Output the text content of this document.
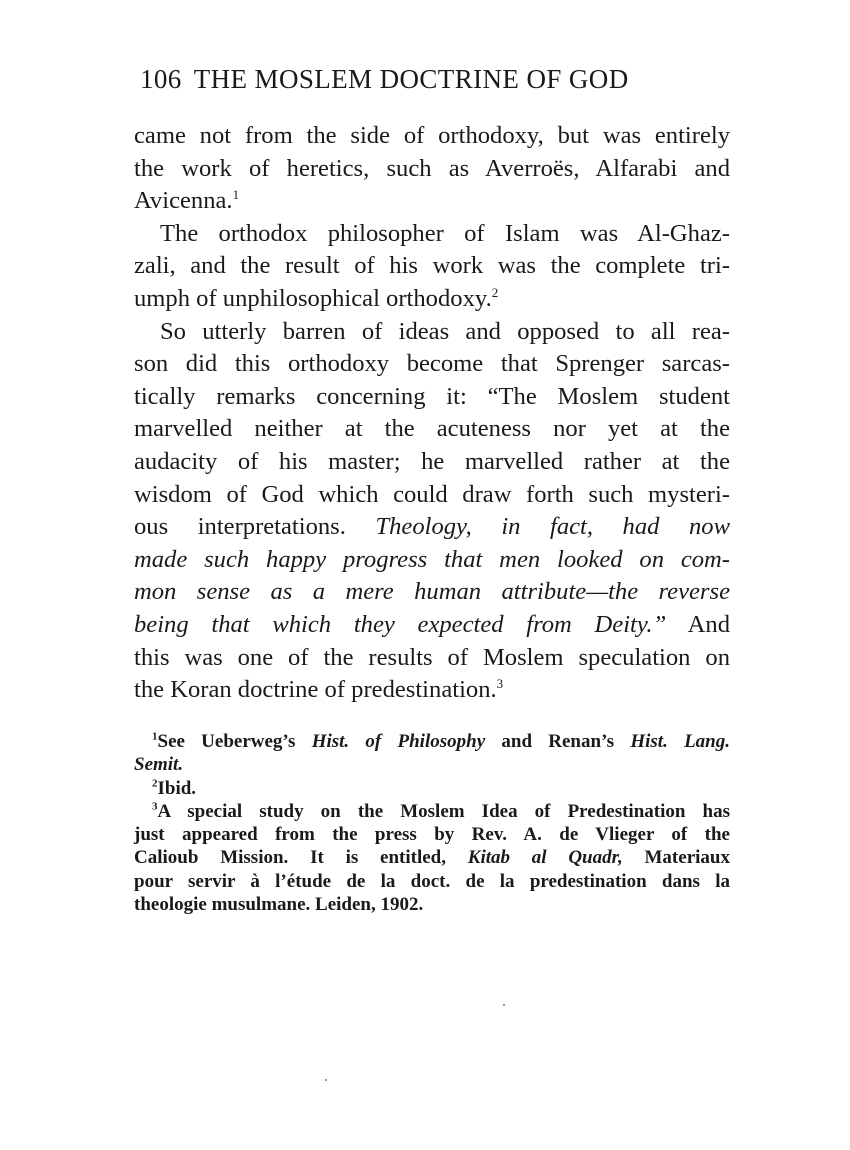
106 THE MOSLEM DOCTRINE OF GOD
came not from the side of orthodoxy, but was entirely
the work of heretics, such as Averroës, Alfarabi and
Avicenna.$^1$
The orthodox philosopher of Islam was Al-Ghaz-
zali, and the result of his work was the complete tri-
umph of unphilosophical orthodoxy.$^2$
So utterly barren of ideas and opposed to all rea-
son did this orthodoxy become that Sprenger sarcas-
tically remarks concerning it: “The Moslem student
marvelled neither at the acuteness nor yet at the
audacity of his master; he marvelled rather at the
wisdom of God which could draw forth such mysteri-
ous interpretations. Theology, in fact, had now
made such happy progress that men looked on com-
mon sense as a mere human attribute—the reverse
being that which they expected from Deity.” And
this was one of the results of Moslem speculation on
the Koran doctrine of predestination.$^3$
$^1$See Ueberweg’s Hist. of Philosophy and Renan’s Hist. Lang.
Semit.
$^2$Ibid.
$^3$A special study on the Moslem Idea of Predestination has
just appeared from the press by Rev. A. de Vlieger of the
Calioub Mission. It is entitled, Kitab al Quadr, Materiaux
pour servir à l’étude de la doct. de la predestination dans la
theologie musulmane. Leiden, 1902.
